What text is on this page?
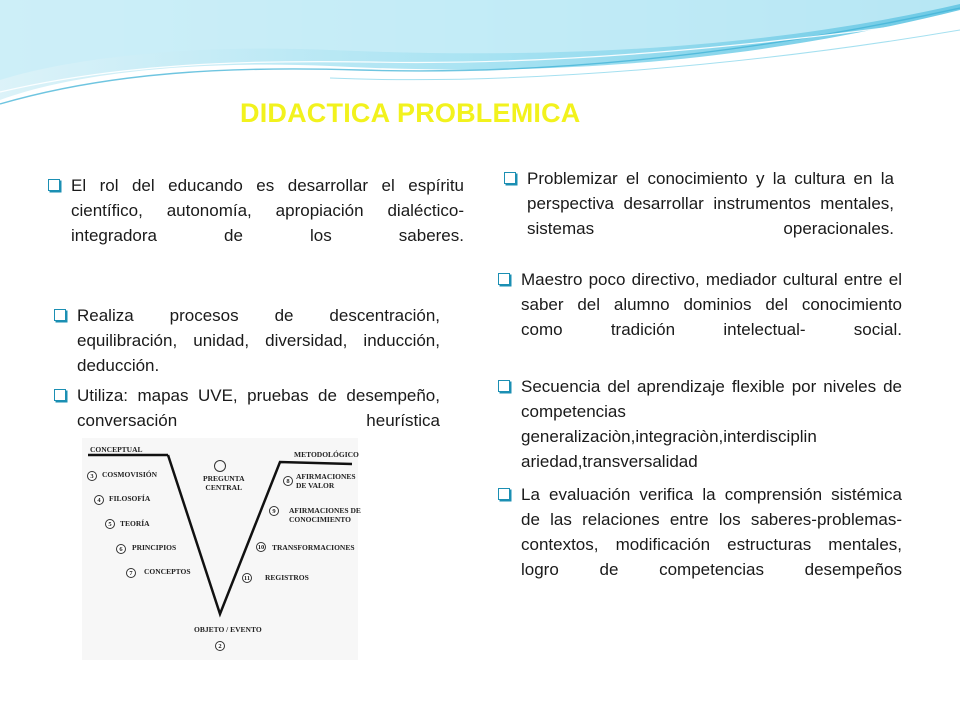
DIDACTICA PROBLEMICA
El rol del educando es desarrollar el espíritu científico, autonomía, apropiación dialéctico-integradora de los saberes.
Realiza procesos de descentración, equilibración, unidad, diversidad, inducción, deducción.
Utiliza: mapas UVE, pruebas de desempeño, conversación heurística
Problemizar el conocimiento y la cultura en la perspectiva desarrollar instrumentos mentales, sistemas operacionales.
Maestro poco directivo, mediador cultural entre el saber del alumno dominios del conocimiento como tradición intelectual- social.
Secuencia del aprendizaje flexible por niveles de competencias generalizaciòn,integraciòn,interdisciplin ariedad,transversalidad
La evaluación verifica la comprensión sistémica de las relaciones entre los saberes-problemas-contextos, modificación estructuras mentales, logro de competencias desempeños
CONCEPTUAL
METODOLÓGICO
PREGUNTA
CENTRAL
OBJETO / EVENTO
2
3	COSMOVISIÓN
4	FILOSOFÍA
5	TEORÍA
6	PRINCIPIOS
7	CONCEPTOS
8 AFIRMACIONES
DE VALOR
9	AFIRMACIONES DE
CONOCIMIENTO
10 TRANSFORMACIONES
11 REGISTROS
